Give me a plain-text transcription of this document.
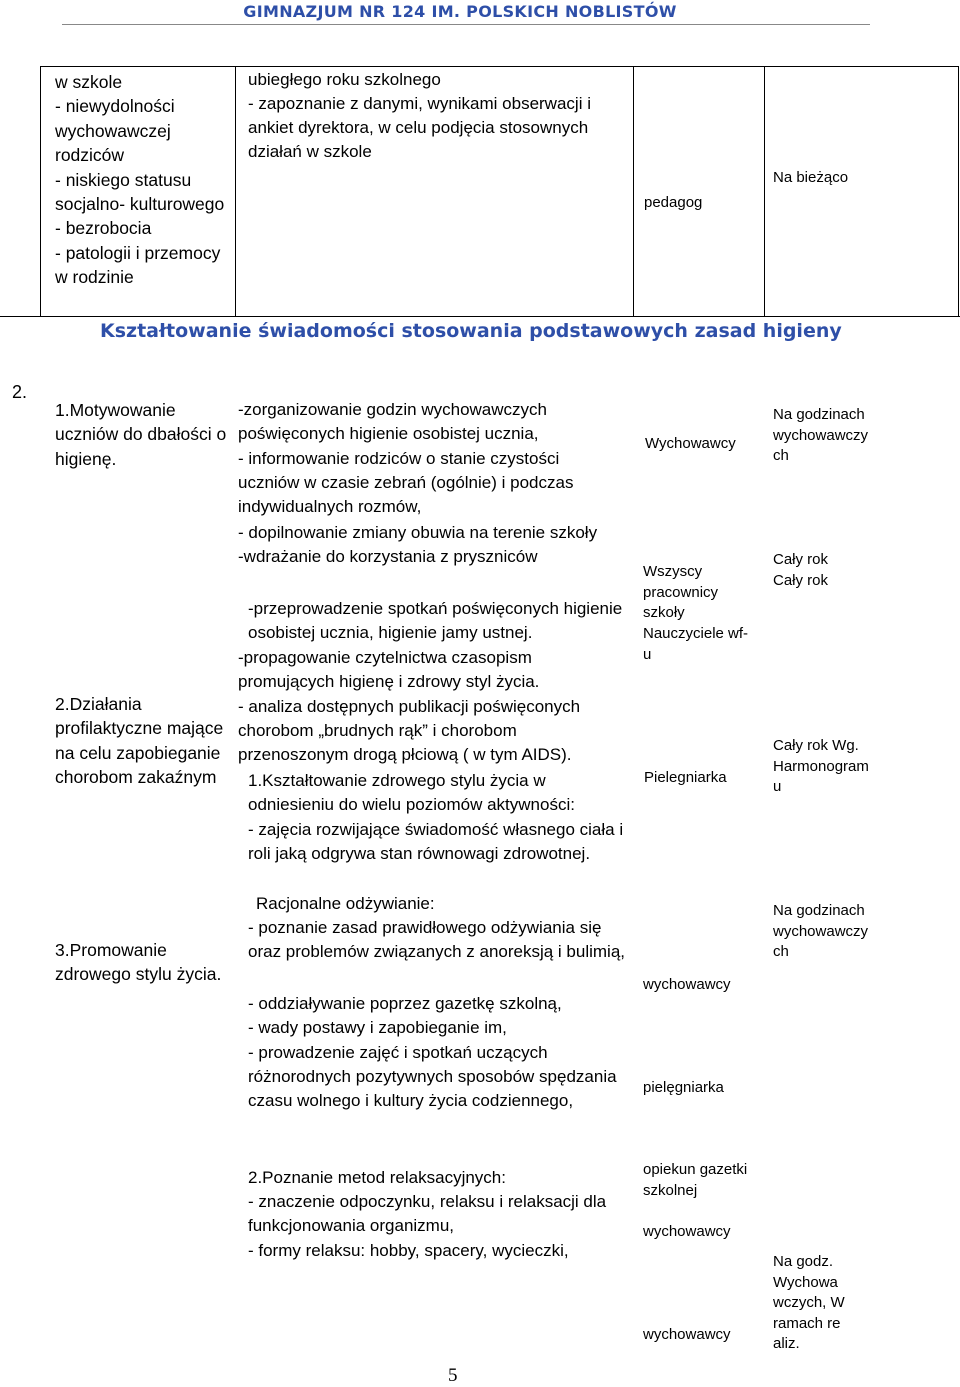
GIMNAZJUM NR 124 IM. POLSKICH NOBLISTÓW
w szkole
- niewydolności wychowawczej rodziców
- niskiego statusu socjalno- kulturowego
- bezrobocia
- patologii i przemocy w rodzinie
ubiegłego roku szkolnego
- zapoznanie z danymi, wynikami obserwacji i ankiet dyrektora, w celu podjęcia stosownych działań w szkole
pedagog
Na bieżąco
Kształtowanie świadomości stosowania podstawowych zasad higieny
2.
1.Motywowanie uczniów do dbałości o higienę.
2.Działania profilaktyczne mające na celu zapobieganie chorobom zakaźnym
3.Promowanie zdrowego stylu życia.
-zorganizowanie godzin wychowawczych poświęconych higienie osobistej ucznia,
- informowanie rodziców o stanie czystości uczniów w czasie zebrań (ogólnie) i podczas indywidualnych rozmów,
- dopilnowanie zmiany obuwia na terenie szkoły
-wdrażanie do korzystania z pryszniców
-przeprowadzenie spotkań poświęconych higienie osobistej ucznia, higienie jamy ustnej.
-propagowanie czytelnictwa czasopism promujących higienę i zdrowy styl życia.
- analiza dostępnych publikacji poświęconych chorobom „brudnych rąk” i chorobom przenoszonym drogą płciową ( w tym AIDS).
1.Kształtowanie zdrowego stylu życia w odniesieniu do wielu poziomów aktywności:
- zajęcia rozwijające świadomość własnego ciała i roli jaką odgrywa stan równowagi zdrowotnej.
Racjonalne odżywianie:
- poznanie zasad prawidłowego odżywiania się oraz problemów związanych z anoreksją i bulimią,
- oddziaływanie poprzez gazetkę szkolną,
- wady postawy i zapobieganie im,
- prowadzenie zajęć i spotkań uczących różnorodnych pozytywnych sposobów spędzania czasu wolnego i kultury życia codziennego,
2.Poznanie metod relaksacyjnych:
- znaczenie odpoczynku, relaksu i relaksacji dla funkcjonowania organizmu,
- formy relaksu: hobby, spacery, wycieczki,
Wychowawcy
Wszyscy pracownicy szkoły
Nauczyciele wf-u
Pielegniarka
wychowawcy
pielęgniarka
opiekun gazetki szkolnej
wychowawcy
wychowawcy
Na godzinach wychowawczych
Cały rok
Cały rok
Cały rok Wg. Harmonogramu
Na godzinach wychowawczych
Na godz. Wychowawczych, W ramach realiz.
5
